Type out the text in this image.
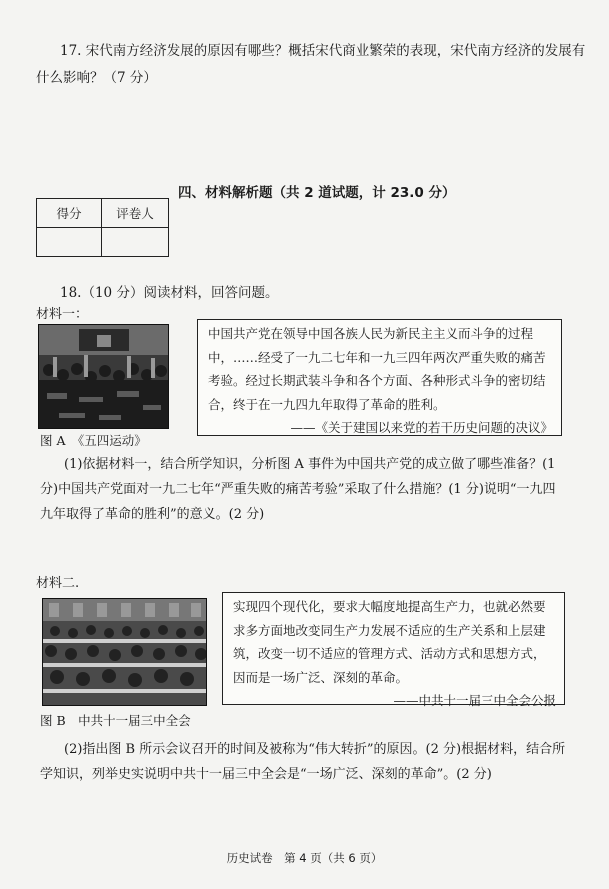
17. 宋代南方经济发展的原因有哪些？概括宋代商业繁荣的表现，宋代南方经济的发展有什么影响？（7 分）
四、材料解析题（共 2 道试题，计 23.0 分）
得分	评卷人

18.（10 分）阅读材料，回答问题。
材料一：
中国共产党在领导中国各族人民为新民主主义而斗争的过程中，……经受了一九二七年和一九三四年两次严重失败的痛苦考验。经过长期武装斗争和各个方面、各种形式斗争的密切结合，终于在一九四九年取得了革命的胜利。
——《关于建国以来党的若干历史问题的决议》
图 A　《五四运动》
(1)依据材料一，结合所学知识，分析图 A 事件为中国共产党的成立做了哪些准备？(1 分)中国共产党面对一九二七年“严重失败的痛苦考验”采取了什么措施？(1 分)说明“一九四九年取得了革命的胜利”的意义。(2 分)
材料二.
实现四个现代化，要求大幅度地提高生产力，也就必然要求多方面地改变同生产力发展不适应的生产关系和上层建筑，改变一切不适应的管理方式、活动方式和思想方式，因而是一场广泛、深刻的革命。
——中共十一届三中全会公报
图 B　中共十一届三中全会
(2)指出图 B 所示会议召开的时间及被称为“伟大转折”的原因。(2 分)根据材料，结合所学知识，列举史实说明中共十一届三中全会是“一场广泛、深刻的革命”。(2 分)
历史试卷　第 4 页（共 6 页）
